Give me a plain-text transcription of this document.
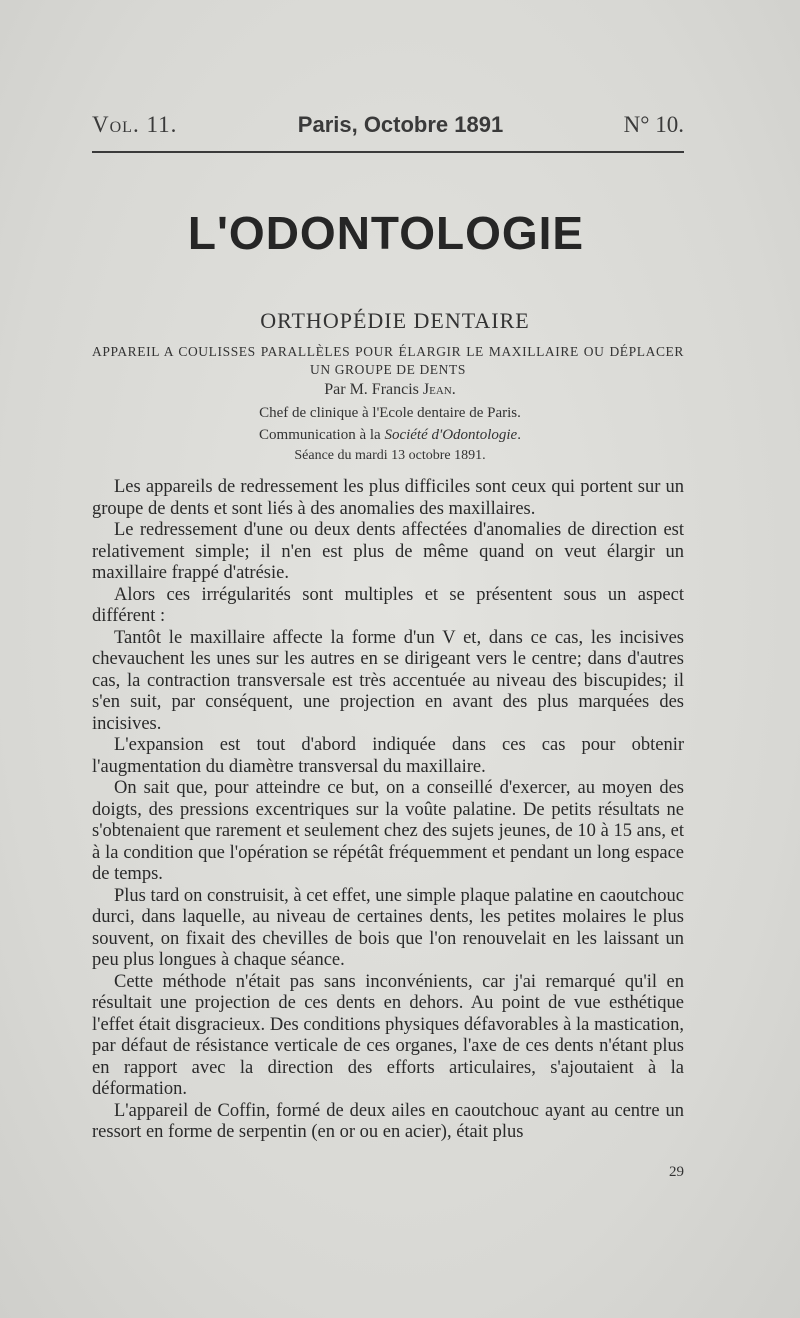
Vol. 11.	Paris, Octobre 1891	N° 10.
L'ODONTOLOGIE
ORTHOPÉDIE DENTAIRE
APPAREIL A COULISSES PARALLÈLES POUR ÉLARGIR LE MAXILLAIRE OU DÉPLACER UN GROUPE DE DENTS
Par M. Francis Jean.
Chef de clinique à l'Ecole dentaire de Paris.
Communication à la Société d'Odontologie.
Séance du mardi 13 octobre 1891.

Les appareils de redressement les plus difficiles sont ceux qui portent sur un groupe de dents et sont liés à des anomalies des maxillaires.

Le redressement d'une ou deux dents affectées d'anomalies de direction est relativement simple; il n'en est plus de même quand on veut élargir un maxillaire frappé d'atrésie.

Alors ces irrégularités sont multiples et se présentent sous un aspect différent :

Tantôt le maxillaire affecte la forme d'un V et, dans ce cas, les incisives chevauchent les unes sur les autres en se dirigeant vers le centre; dans d'autres cas, la contraction transversale est très accentuée au niveau des biscupides; il s'en suit, par conséquent, une projection en avant des plus marquées des incisives.

L'expansion est tout d'abord indiquée dans ces cas pour obtenir l'augmentation du diamètre transversal du maxillaire.

On sait que, pour atteindre ce but, on a conseillé d'exercer, au moyen des doigts, des pressions excentriques sur la voûte palatine. De petits résultats ne s'obtenaient que rarement et seulement chez des sujets jeunes, de 10 à 15 ans, et à la condition que l'opération se répétât fréquemment et pendant un long espace de temps.

Plus tard on construisit, à cet effet, une simple plaque palatine en caoutchouc durci, dans laquelle, au niveau de certaines dents, les petites molaires le plus souvent, on fixait des chevilles de bois que l'on renouvelait en les laissant un peu plus longues à chaque séance.

Cette méthode n'était pas sans inconvénients, car j'ai remarqué qu'il en résultait une projection de ces dents en dehors. Au point de vue esthétique l'effet était disgracieux. Des conditions physiques défavorables à la mastication, par défaut de résistance verticale de ces organes, l'axe de ces dents n'étant plus en rapport avec la direction des efforts articulaires, s'ajoutaient à la déformation.

L'appareil de Coffin, formé de deux ailes en caoutchouc ayant au centre un ressort en forme de serpentin (en or ou en acier), était plus

29
